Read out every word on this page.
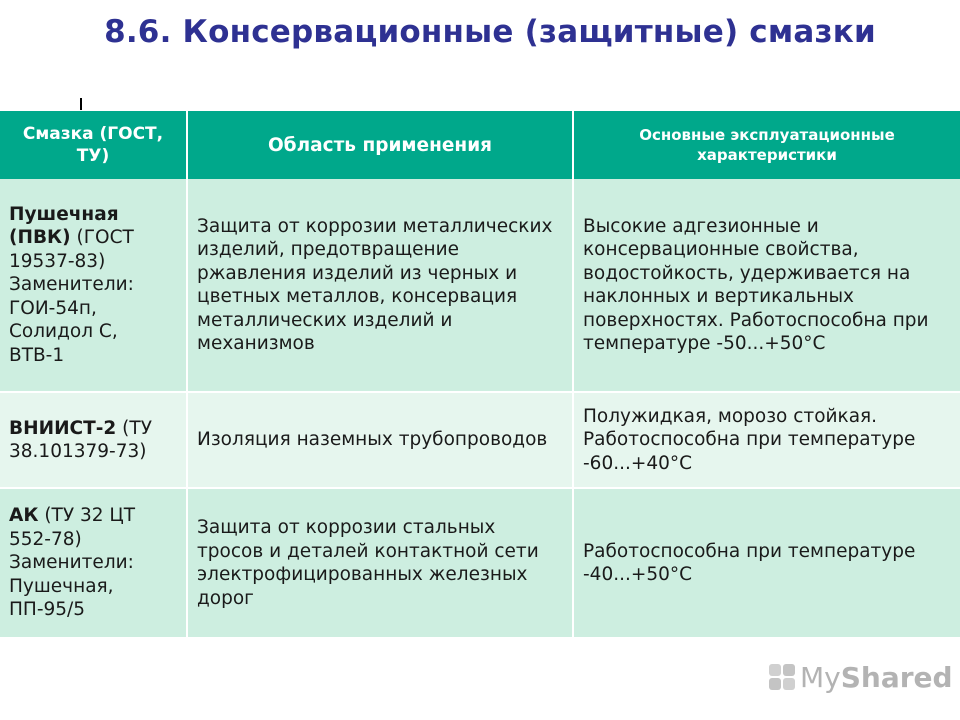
8.6. Консервационные (защитные) смазки
Смазка (ГОСТ, ТУ)	Область применения	Основные эксплуатационные характеристики
Пушечная (ПВК) (ГОСТ 19537-83) Заменители: ГОИ-54п, Солидол С, ВТВ-1	Защита от коррозии металлических изделий, предотвращение ржавления изделий из черных и цветных металлов, консервация металлических изделий и механизмов	Высокие адгезионные и консервационные свойства, водостойкость, удерживается на наклонных и вертикальных поверхностях. Работоспособна при температуре -50...+50°С
ВНИИСТ-2 (ТУ 38.101379-73)	Изоляция наземных трубопроводов	Полужидкая, морозо стойкая. Работоспособна при температуре -60...+40°С
АК (ТУ 32 ЦТ 552-78) Заменители: Пушечная, ПП-95/5	Защита от коррозии стальных тросов и деталей контактной сети электрофицированных железных дорог	Работоспособна при температуре -40...+50°С
MyShared
